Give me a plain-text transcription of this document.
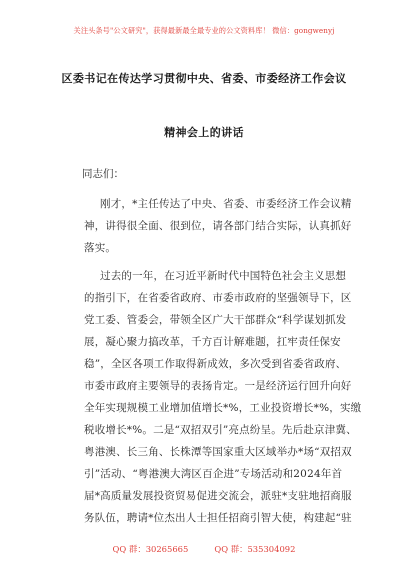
关注头条号"公文研究"，获得最新最全最专业的公文资料库！ 微信：gongwenyj
区委书记在传达学习贯彻中央、省委、市委经济工作会议
精神会上的讲话
同志们：
刚才，*主任传达了中央、省委、市委经济工作会议精
神，讲得很全面、很到位，请各部门结合实际，认真抓好
落实。
过去的一年，在习近平新时代中国特色社会主义思想
的指引下，在省委省政府、市委市政府的坚强领导下，区
党工委、管委会，带领全区广大干部群众“科学谋划抓发
展，凝心聚力搞改革，千方百计解难题，扛牢责任保安
稳”，全区各项工作取得新成效，多次受到省委省政府、
市委市政府主要领导的表扬肯定。一是经济运行回升向好
全年实现规模工业增加值增长*%，工业投资增长*%，实缴
税收增长*%。二是“双招双引”亮点纷呈。先后赴京津冀、
粤港澳、长三角、长株潭等国家重大区域举办*场“双招双
引”活动、“粤港澳大湾区百企进”专场活动和2024年首
届*高质量发展投资贸易促进交流会，派驻*支驻地招商服
务队伍，聘请*位杰出人士担任招商引智大使，构建起“驻
QQ 群：30265665	QQ 群：535304092
